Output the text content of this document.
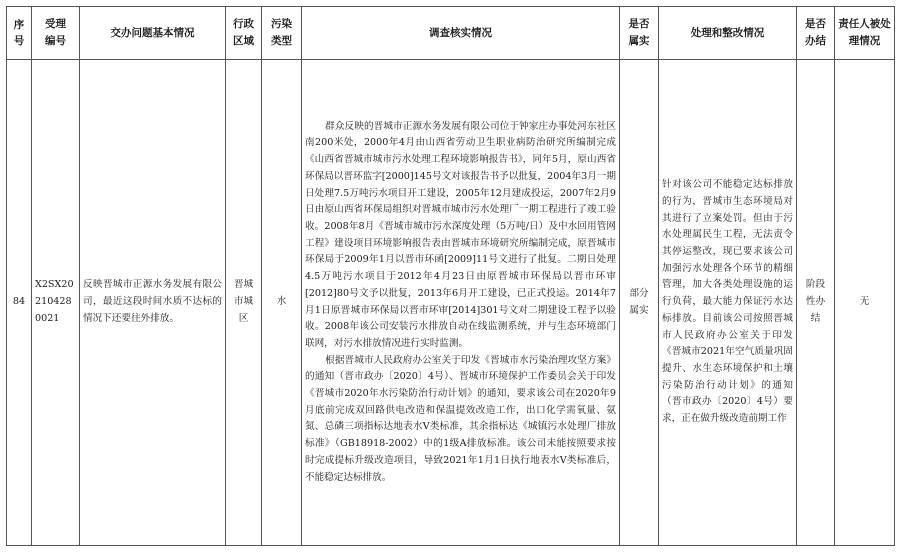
序号	受理编号	交办问题基本情况	行政区域	污染类型	调查核实情况	是否属实	处理和整改情况	是否办结	责任人被处理情况
84	X2SX202104280021	反映晋城市正源水务发展有限公司，最近这段时间水质不达标的情况下还要往外排放。	晋城市城区	水	群众反映的晋城市正源水务发展有限公司位于钟家庄办事处河东社区南200米处，2000年4月由山西省劳动卫生职业病防治研究所编制完成《山西省晋城市城市污水处理工程环境影响报告书》，同年5月，原山西省环保局以晋环监字[2000]145号文对该报告书予以批复，2004年3月一期日处理7.5万吨污水项目开工建设，2005年12月建成投运，2007年2月9日由原山西省环保局组织对晋城市城市污水处理厂一期工程进行了竣工验收。2008年8月《晋城市城市污水深度处理（5万吨/日）及中水回用管网工程》建设项目环境影响报告表由晋城市环境研究所编制完成，原晋城市环保局于2009年1月以晋市环函[2009]11号文进行了批复。二期日处理4.5万吨污水项目于2012年4月23日由原晋城市环保局以晋市环审[2012]80号文予以批复，2013年6月开工建设，已正式投运。2014年7月1日原晋城市环保局以晋市环审[2014]301号文对二期建设工程予以验收。2008年该公司安装污水排放自动在线监测系统，并与生态环境部门联网，对污水排放情况进行实时监测。

根据晋城市人民政府办公室关于印发《晋城市水污染治理攻坚方案》的通知（晋市政办〔2020〕4号）、晋城市环境保护工作委员会关于印发《晋城市2020年水污染防治行动计划》的通知，要求该公司在2020年9月底前完成双回路供电改造和保温提效改造工作，出口化学需氧量、氨氮、总磷三项指标达地表水V类标准，其余指标达《城镇污水处理厂排放标准》（GB18918-2002）中的1级A排放标准。该公司未能按照要求按时完成提标升级改造项目，导致2021年1月1日执行地表水V类标准后，不能稳定达标排放。	部分属实	针对该公司不能稳定达标排放的行为，晋城市生态环境局对其进行了立案处罚。但由于污水处理属民生工程，无法责令其停运整改，现已要求该公司加强污水处理各个环节的精细管理，加大各类处理设施的运行负荷，最大能力保证污水达标排放。目前该公司按照晋城市人民政府办公室关于印发《晋城市2021年空气质量巩固提升、水生态环境保护和土壤污染防治行动计划》的通知（晋市政办〔2020〕4号）要求，正在做升级改造前期工作	阶段性办结	无
